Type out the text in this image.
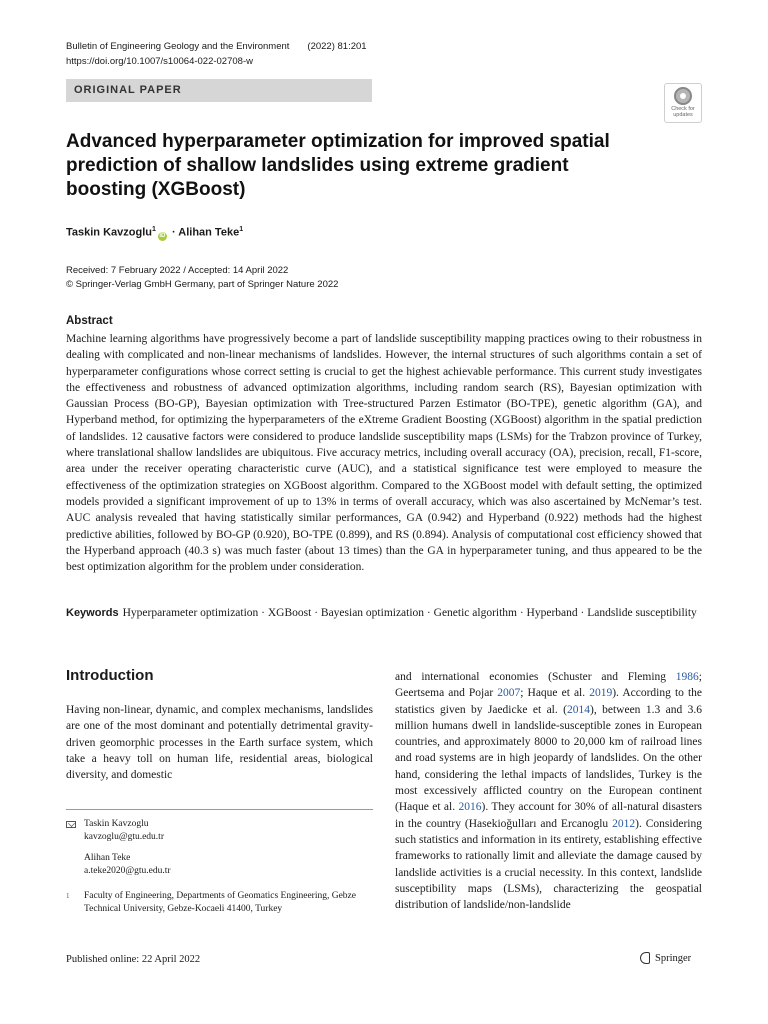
Bulletin of Engineering Geology and the Environment (2022) 81:201
https://doi.org/10.1007/s10064-022-02708-w
ORIGINAL PAPER
Check for updates
Advanced hyperparameter optimization for improved spatial prediction of shallow landslides using extreme gradient boosting (XGBoost)
Taskin Kavzoglu$^1$iD · Alihan Teke$^1$
Received: 7 February 2022 / Accepted: 14 April 2022
© Springer-Verlag GmbH Germany, part of Springer Nature 2022
Abstract

Machine learning algorithms have progressively become a part of landslide susceptibility mapping practices owing to their robustness in dealing with complicated and non-linear mechanisms of landslides. However, the internal structures of such algorithms contain a set of hyperparameter configurations whose correct setting is crucial to get the highest achievable performance. This current study investigates the effectiveness and robustness of advanced optimization algorithms, including random search (RS), Bayesian optimization with Gaussian Process (BO-GP), Bayesian optimization with Tree-structured Parzen Estimator (BO-TPE), genetic algorithm (GA), and Hyperband method, for optimizing the hyperparameters of the eXtreme Gradient Boosting (XGBoost) algorithm in the spatial prediction of landslides. 12 causative factors were considered to produce landslide susceptibility maps (LSMs) for the Trabzon province of Turkey, where translational shallow landslides are ubiquitous. Five accuracy metrics, including overall accuracy (OA), precision, recall, F1-score, area under the receiver operating characteristic curve (AUC), and a statistical significance test were employed to measure the effectiveness of the optimization strategies on XGBoost algorithm. Compared to the XGBoost model with default setting, the optimized models provided a significant improvement of up to 13% in terms of overall accuracy, which was also ascertained by McNemar’s test. AUC analysis revealed that having statistically similar performances, GA (0.942) and Hyperband (0.922) methods had the highest predictive abilities, followed by BO-GP (0.920), BO-TPE (0.899), and RS (0.894). Analysis of computational cost efficiency showed that the Hyperband approach (40.3 s) was much faster (about 13 times) than the GA in hyperparameter tuning, and thus appeared to be the best optimization algorithm for the problem under consideration.

Keywords Hyperparameter optimization · XGBoost · Bayesian optimization · Genetic algorithm · Hyperband · Landslide susceptibility

Introduction

Having non-linear, dynamic, and complex mechanisms, landslides are one of the most dominant and potentially detrimental gravity-driven geomorphic processes in the Earth surface system, which take a heavy toll on human life, residential areas, biological diversity, and domestic

and international economies (Schuster and Fleming 1986; Geertsema and Pojar 2007; Haque et al. 2019). According to the statistics given by Jaedicke et al. (2014), between 1.3 and 3.6 million humans dwell in landslide-susceptible zones in European countries, and approximately 8000 to 20,000 km of railroad lines and road systems are in high jeopardy of landslides. On the other hand, considering the lethal impacts of landslides, Turkey is the most excessively afflicted country on the European continent (Haque et al. 2016). They account for 30% of all-natural disasters in the country (Hasekioğulları and Ercanoglu 2012). Considering such statistics and information in its entirety, establishing effective frameworks to rationally limit and alleviate the damage caused by landslide activities is a crucial necessity. In this context, landslide susceptibility maps (LSMs), characterizing the geospatial distribution of landslide/non-landslide

Taskin Kavzoglu
kavzoglu@gtu.edu.tr
Alihan Teke
a.teke2020@gtu.edu.tr
1	Faculty of Engineering, Departments of Geomatics Engineering, Gebze Technical University, Gebze-Kocaeli 41400, Turkey
Published online: 22 April 2022	Springer
